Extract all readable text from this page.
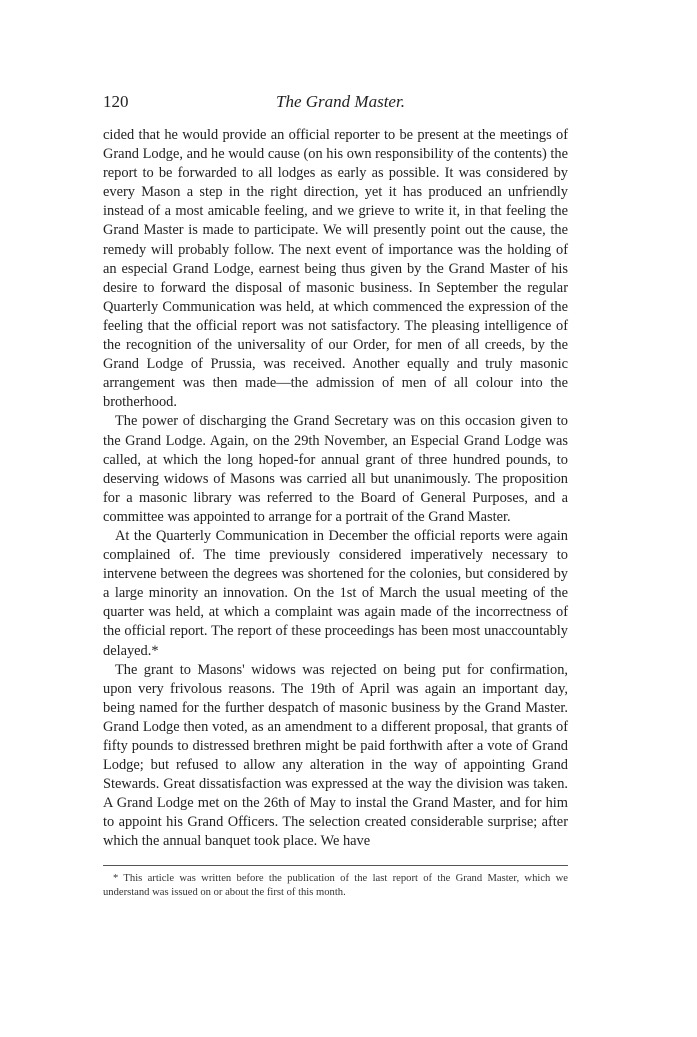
120	The Grand Master.

cided that he would provide an official reporter to be present at the meetings of Grand Lodge, and he would cause (on his own responsibility of the contents) the report to be forwarded to all lodges as early as possible. It was considered by every Mason a step in the right direction, yet it has produced an unfriendly instead of a most amicable feeling, and we grieve to write it, in that feeling the Grand Master is made to participate. We will presently point out the cause, the remedy will probably follow. The next event of importance was the holding of an especial Grand Lodge, earnest being thus given by the Grand Master of his desire to forward the disposal of masonic business. In September the regular Quarterly Communication was held, at which commenced the expression of the feeling that the official report was not satisfactory. The pleasing intelligence of the recognition of the universality of our Order, for men of all creeds, by the Grand Lodge of Prussia, was received. Another equally and truly masonic arrangement was then made—the admission of men of all colour into the brotherhood.

The power of discharging the Grand Secretary was on this occasion given to the Grand Lodge. Again, on the 29th November, an Especial Grand Lodge was called, at which the long hoped-for annual grant of three hundred pounds, to deserving widows of Masons was carried all but unanimously. The proposition for a masonic library was referred to the Board of General Purposes, and a committee was appointed to arrange for a portrait of the Grand Master.

At the Quarterly Communication in December the official reports were again complained of. The time previously considered imperatively necessary to intervene between the degrees was shortened for the colonies, but considered by a large minority an innovation. On the 1st of March the usual meeting of the quarter was held, at which a complaint was again made of the incorrectness of the official report. The report of these proceedings has been most unaccountably delayed.*

The grant to Masons' widows was rejected on being put for confirmation, upon very frivolous reasons. The 19th of April was again an important day, being named for the further despatch of masonic business by the Grand Master. Grand Lodge then voted, as an amendment to a different proposal, that grants of fifty pounds to distressed brethren might be paid forthwith after a vote of Grand Lodge; but refused to allow any alteration in the way of appointing Grand Stewards. Great dissatisfaction was expressed at the way the division was taken. A Grand Lodge met on the 26th of May to instal the Grand Master, and for him to appoint his Grand Officers. The selection created considerable surprise; after which the annual banquet took place. We have

* This article was written before the publication of the last report of the Grand Master, which we understand was issued on or about the first of this month.
